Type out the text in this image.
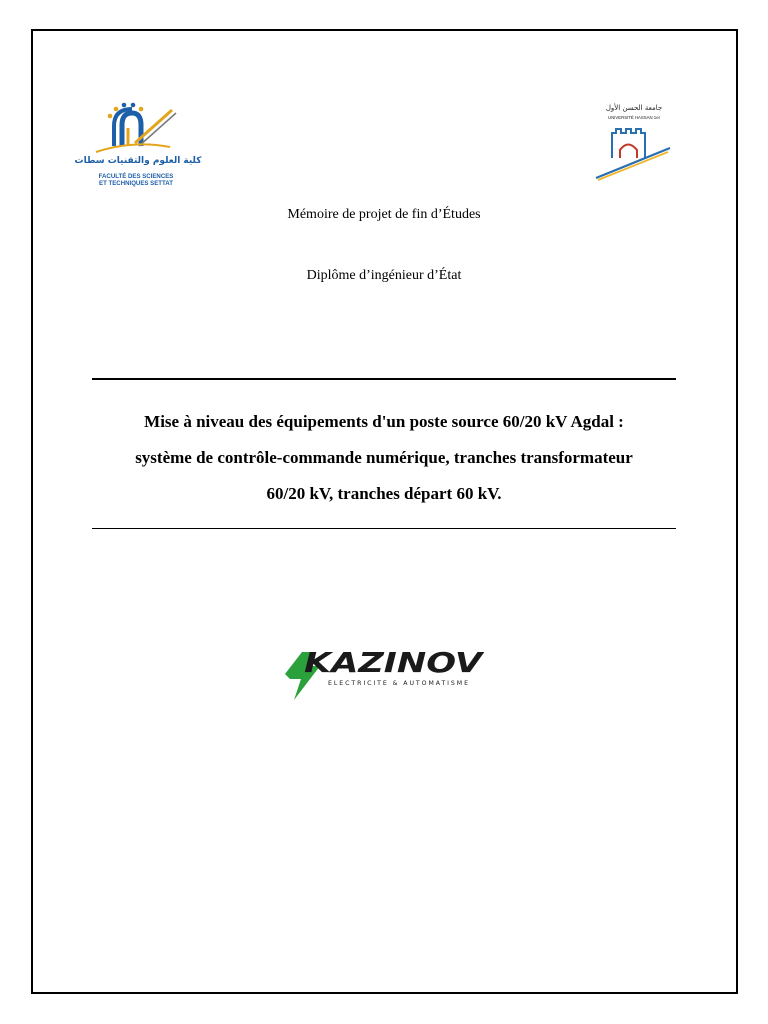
كلية العلوم والتقنيات سطات
FACULTÉ DES SCIENCES
ET TECHNIQUES SETTAT
جامعة الحسن الأول
UNIVERSITÉ HASSAN 1er
Mémoire de projet de fin d’Études
Diplôme d’ingénieur d’État
Mise à niveau des équipements d'un poste source 60/20 kV Agdal :
système de contrôle-commande numérique, tranches transformateur
60/20 kV, tranches départ 60 kV.
KAZINOV
ELECTRICITE & AUTOMATISME
